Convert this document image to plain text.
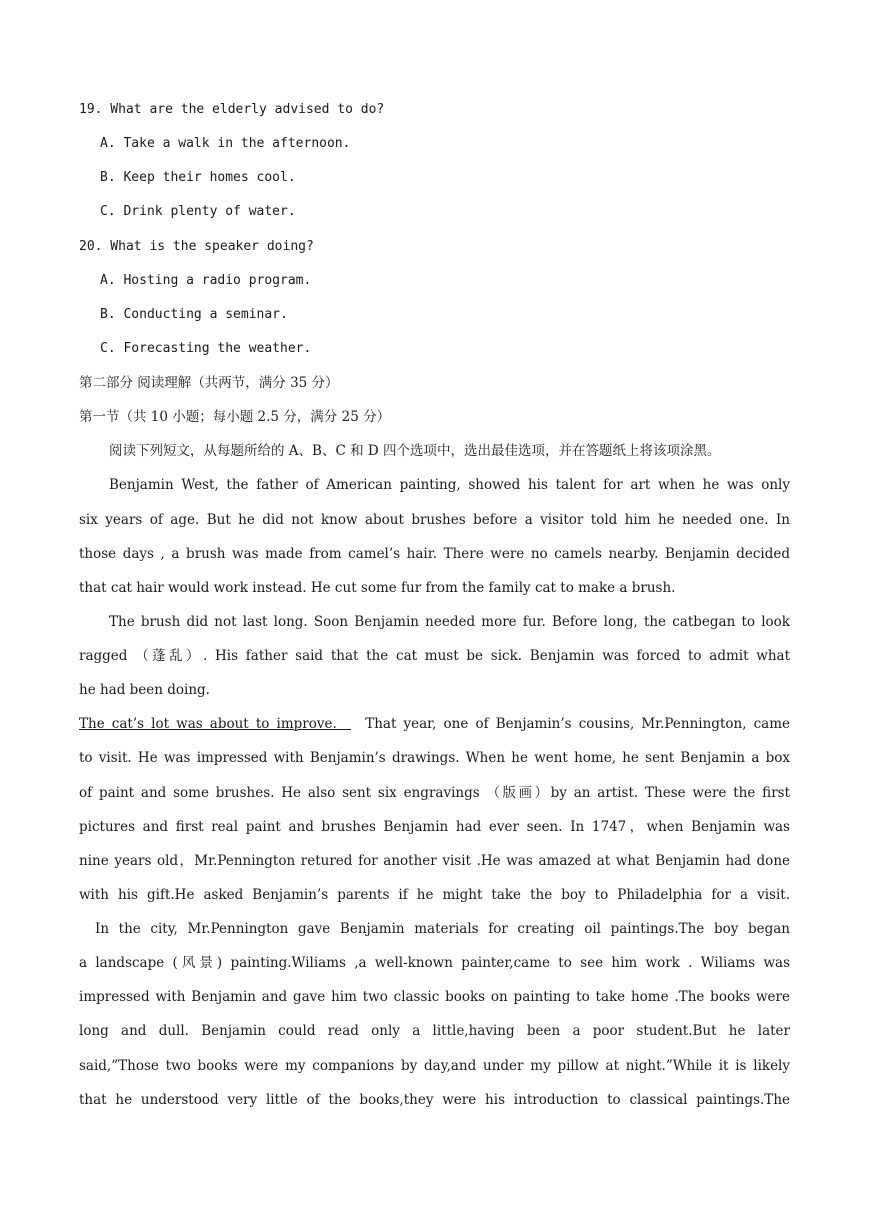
19. What are the elderly advised to do?
A. Take a walk in the afternoon.
B. Keep their homes cool.
C. Drink plenty of water.
20. What is the speaker doing?
A. Hosting a radio program.
B. Conducting a seminar.
C. Forecasting the weather.
第二部分 阅读理解（共两节，满分 35 分）
第一节（共 10 小题；每小题 2.5 分，满分 25 分）
阅读下列短文，从每题所给的 A、B、C 和 D 四个选项中，选出最佳选项，并在答题纸上将该项涂黑。
Benjamin West, the father of American painting, showed his talent for art when he was only
six years of age. But he did not know about brushes before a visitor told him he needed one. In
those days , a brush was made from camel’s hair. There were no camels nearby. Benjamin decided
that cat hair would work instead. He cut some fur from the family cat to make a brush.
The brush did not last long. Soon Benjamin needed more fur. Before long, the catbegan to look
ragged （蓬乱）. His father said that the cat must be sick. Benjamin was forced to admit what
he had been doing.
The cat’s lot was about to improve. That year, one of Benjamin’s cousins, Mr.Pennington, came
to visit. He was impressed with Benjamin’s drawings. When he went home, he sent Benjamin a box
of paint and some brushes. He also sent six engravings （版画）by an artist. These were the first
pictures and first real paint and brushes Benjamin had ever seen. In 1747，when Benjamin was
nine years old，Mr.Pennington retured for another visit .He was amazed at what Benjamin had done
with his gift.He asked Benjamin’s parents if he might take the boy to Philadelphia for a visit.
In the city, Mr.Pennington gave Benjamin materials for creating oil paintings.The boy began
a landscape (风景) painting.Wiliams ,a well-known painter,came to see him work . Wiliams was
impressed with Benjamin and gave him two classic books on painting to take home .The books were
long and dull. Benjamin could read only a little,having been a poor student.But he later
said,”Those two books were my companions by day,and under my pillow at night.”While it is likely
that he understood very little of the books,they were his introduction to classical paintings.The
